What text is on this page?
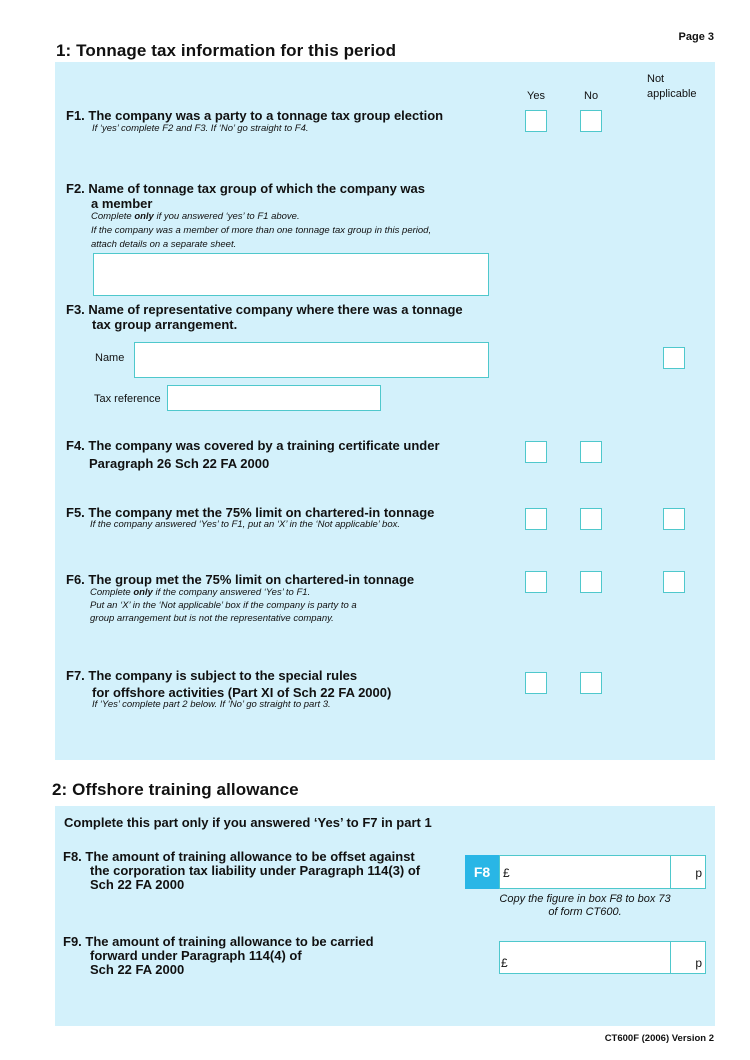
Page 3
1: Tonnage tax information for this period
Yes	No
Not
applicable
F1. The company was a party to a tonnage tax group election
If ‘yes’ complete F2 and F3. If ‘No’ go straight to F4.
F2. Name of tonnage tax group of which the company was
a member
Complete only if you answered ‘yes’ to F1 above.
If the company was a member of more than one tonnage tax group in this period,
attach details on a separate sheet.
F3. Name of representative company where there was a tonnage
tax group arrangement.
Name
Tax reference
F4. The company was covered by a training certificate under
Paragraph 26 Sch 22 FA 2000
F5. The company met the 75% limit on chartered-in tonnage
If the company answered ‘Yes’ to F1, put an ‘X’ in the ‘Not applicable’ box.
F6. The group met the 75% limit on chartered-in tonnage
Complete only if the company answered ‘Yes’ to F1.
Put an ‘X’ in the ‘Not applicable’ box if the company is party to a
group arrangement but is not the representative company.
F7. The company is subject to the special rules
for offshore activities (Part XI of Sch 22 FA 2000)
If ‘Yes’ complete part 2 below. If ‘No’ go straight to part 3.
2: Offshore training allowance
Complete this part only if you answered ‘Yes’ to F7 in part 1
F8. The amount of training allowance to be offset against
the corporation tax liability under Paragraph 114(3) of
Sch 22 FA 2000
F8	£	p
Copy the figure in box F8 to box 73
of form CT600.
F9. The amount of training allowance to be carried
forward under Paragraph 114(4) of
Sch 22 FA 2000	£	p
CT600F (2006) Version 2
